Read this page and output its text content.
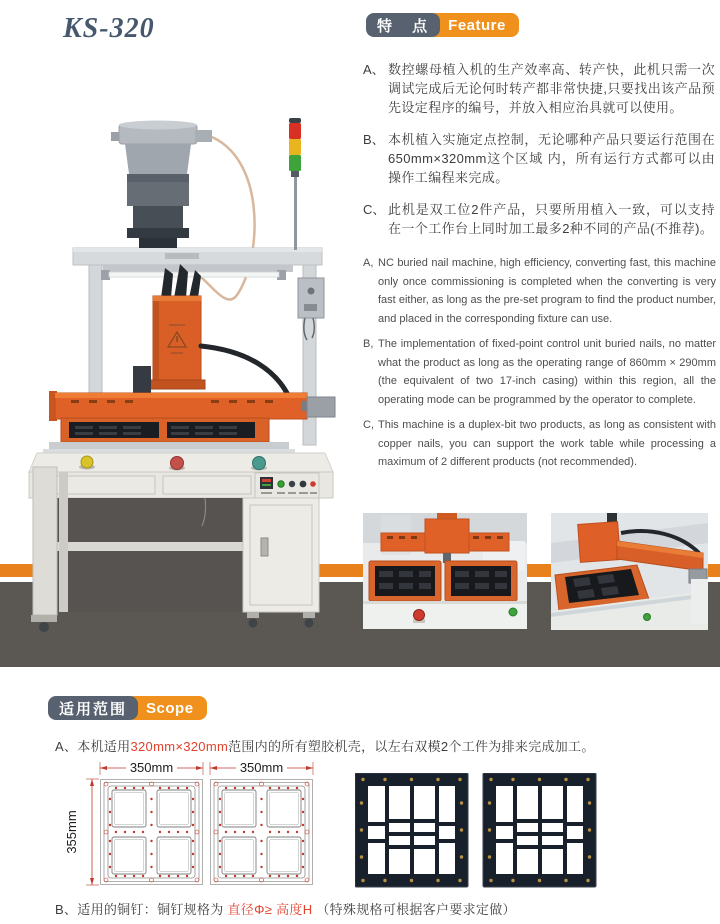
KS-320	特 点	Feature

A、 数控螺母植入机的生产效率高、转产快，此机只需一次调试完成后无论何时转产都非常快捷,只要找出该产品预先设定程序的编号，并放入相应治具就可以使用。

B、 本机植入实施定点控制，无论哪种产品只要运行范围在650mm×320mm这个区域 内，所有运行方式都可以由操作工编程来完成。

C、 此机是双工位2件产品，只要所用植入一致，可以支持 在一个工作台上同时加工最多2种不同的产品(不推荐)。

A, NC buried nail machine, high efficiency, converting fast, this machine only once commissioning is completed when the converting is very fast either, as long as the pre-set program to find the product number, and placed in the corresponding fixture can use.

B, The implementation of fixed-point control unit buried nails, no matter what the product as long as the operating range of 860mm × 290mm (the equivalent of two 17-inch casing) within this region, all the operating mode can be programmed by the operator to complete.

C, This machine is a duplex-bit two products, as long as consistent with copper nails, you can support the work table while processing a maximum of 2 different products (not recommended).

适用范围	Scope
A、本机适用320mm×320mm范围内的所有塑胶机壳，以左右双模2个工件为排来完成加工。
350mm	350mm
355mm
B、适用的铜钉：铜钉规格为 直径Φ≥ 高度H （特殊规格可根据客户要求定做）
